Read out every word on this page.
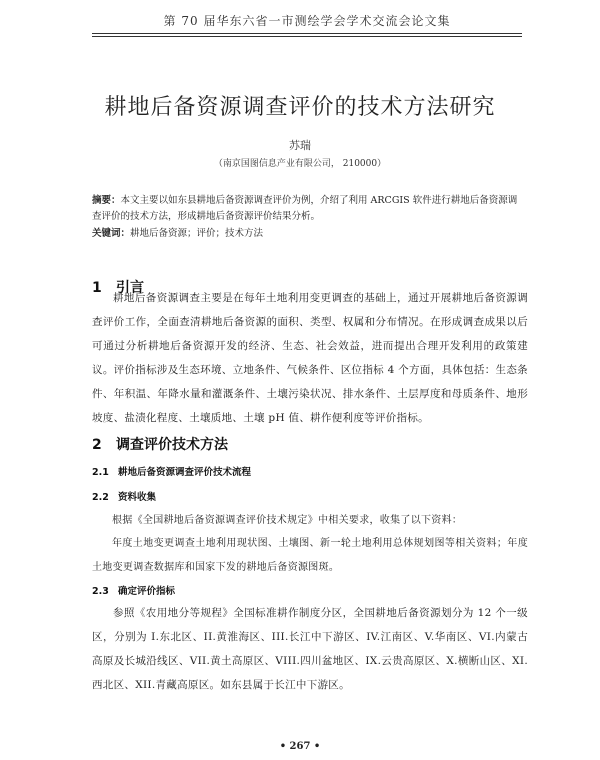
第 70 届华东六省一市测绘学会学术交流会论文集
耕地后备资源调查评价的技术方法研究
苏瑞
（南京国图信息产业有限公司， 210000）
摘要：本文主要以如东县耕地后备资源调查评价为例，介绍了利用 ARCGIS 软件进行耕地后备资源调查评价的技术方法，形成耕地后备资源评价结果分析。
关键词：耕地后备资源；评价；技术方法
1 引言

耕地后备资源调查主要是在每年土地利用变更调查的基础上，通过开展耕地后备资源调查评价工作，全面查清耕地后备资源的面积、类型、权属和分布情况。在形成调查成果以后可通过分析耕地后备资源开发的经济、生态、社会效益，进而提出合理开发利用的政策建议。评价指标涉及生态环境、立地条件、气候条件、区位指标 4 个方面，具体包括：生态条件、年积温、年降水量和灌溉条件、土壤污染状况、排水条件、土层厚度和母质条件、地形坡度、盐渍化程度、土壤质地、土壤 pH 值、耕作便利度等评价指标。

2 调查评价技术方法
2.1 耕地后备资源调查评价技术流程
2.2 资料收集

根据《全国耕地后备资源调查评价技术规定》中相关要求，收集了以下资料：

年度土地变更调查土地利用现状图、土壤图、新一轮土地利用总体规划图等相关资料；年度土地变更调查数据库和国家下发的耕地后备资源图斑。

2.3 确定评价指标

参照《农用地分等规程》全国标准耕作制度分区，全国耕地后备资源划分为 12 个一级区，分别为 I.东北区、II.黄淮海区、III.长江中下游区、IV.江南区、V.华南区、VI.内蒙古高原及长城沿线区、VII.黄土高原区、VIII.四川盆地区、IX.云贵高原区、X.横断山区、XI.西北区、XII.青藏高原区。如东县属于长江中下游区。

• 267 •
